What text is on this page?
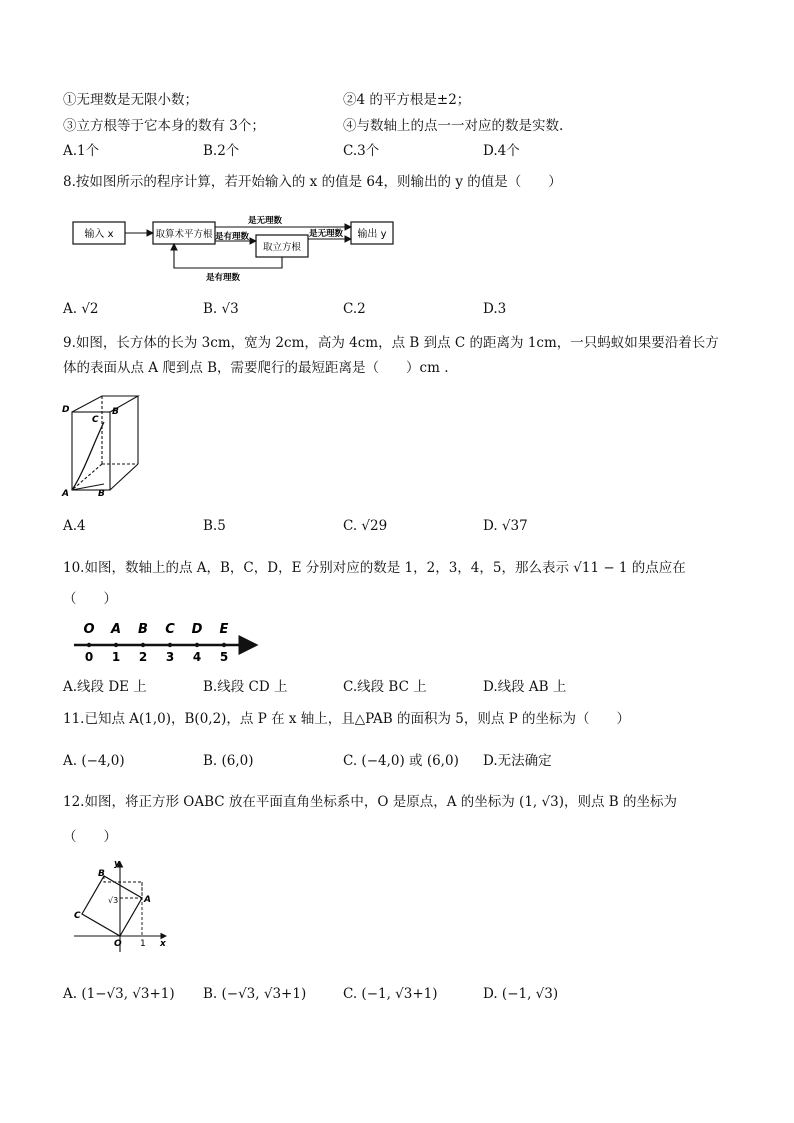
①无理数是无限小数；	②4 的平方根是±2；
③立方根等于它本身的数有 3个；	④与数轴上的点一一对应的数是实数.
A.1个	B.2个	C.3个	D.4个
8.按如图所示的程序计算，若开始输入的 x 的值是 64，则输出的 y 的值是（　　）
输入 x	取算术平方根
取立方根
输出 y
是无理数
是有理数	是无理数
是有理数
A. √2	B. √3	C.2	D.3
9.如图，长方体的长为 3cm，宽为 2cm，高为 4cm，点 B 到点 C 的距离为 1cm，一只蚂蚁如果要沿着长方
体的表面从点 A 爬到点 B，需要爬行的最短距离是（　　）cm .
D
C
B
A	B
A.4	B.5	C. √29	D. √37
10.如图，数轴上的点 A，B，C，D，E 分别对应的数是 1，2，3，4，5，那么表示 √11 − 1 的点应在
（　　）
O A B C D E
0 1 2 3 4 5
A.线段 DE 上	B.线段 CD 上	C.线段 BC 上	D.线段 AB 上
11.已知点 A(1,0)，B(0,2)，点 P 在 x 轴上，且△PAB 的面积为 5，则点 P 的坐标为（　　）
A. (−4,0)	B. (6,0)	C. (−4,0) 或 (6,0) D.无法确定
12.如图，将正方形 OABC 放在平面直角坐标系中，O 是原点，A 的坐标为 (1, √3)，则点 B 的坐标为
（　　）
y
B
√3	A
C
O 1 x
A. (1−√3, √3+1) B. (−√3, √3+1)	C. (−1, √3+1)	D. (−1, √3)
